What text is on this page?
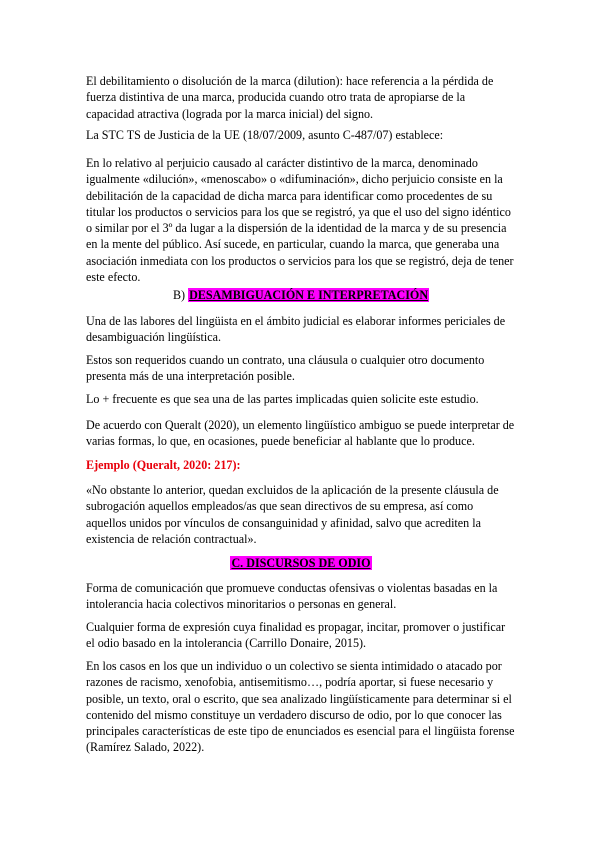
El debilitamiento o disolución de la marca (dilution): hace referencia a la pérdida de fuerza distintiva de una marca, producida cuando otro trata de apropiarse de la capacidad atractiva (lograda por la marca inicial) del signo.

La STC TS de Justicia de la UE (18/07/2009, asunto C-487/07) establece:

En lo relativo al perjuicio causado al carácter distintivo de la marca, denominado igualmente «dilución», «menoscabo» o «difuminación», dicho perjuicio consiste en la debilitación de la capacidad de dicha marca para identificar como procedentes de su titular los productos o servicios para los que se registró, ya que el uso del signo idéntico o similar por el 3º da lugar a la dispersión de la identidad de la marca y de su presencia en la mente del público. Así sucede, en particular, cuando la marca, que generaba una asociación inmediata con los productos o servicios para los que se registró, deja de tener este efecto.

B) DESAMBIGUACIÓN E INTERPRETACIÓN

Una de las labores del lingüista en el ámbito judicial es elaborar informes periciales de desambiguación lingüística.

Estos son requeridos cuando un contrato, una cláusula o cualquier otro documento presenta más de una interpretación posible.

Lo + frecuente es que sea una de las partes implicadas quien solicite este estudio.

De acuerdo con Queralt (2020), un elemento lingüístico ambiguo se puede interpretar de varias formas, lo que, en ocasiones, puede beneficiar al hablante que lo produce.

Ejemplo (Queralt, 2020: 217):

«No obstante lo anterior, quedan excluidos de la aplicación de la presente cláusula de subrogación aquellos empleados/as que sean directivos de su empresa, así como aquellos unidos por vínculos de consanguinidad y afinidad, salvo que acrediten la existencia de relación contractual».

C. DISCURSOS DE ODIO

Forma de comunicación que promueve conductas ofensivas o violentas basadas en la intolerancia hacia colectivos minoritarios o personas en general.

Cualquier forma de expresión cuya finalidad es propagar, incitar, promover o justificar el odio basado en la intolerancia (Carrillo Donaire, 2015).

En los casos en los que un individuo o un colectivo se sienta intimidado o atacado por razones de racismo, xenofobia, antisemitismo…, podría aportar, si fuese necesario y posible, un texto, oral o escrito, que sea analizado lingüísticamente para determinar si el contenido del mismo constituye un verdadero discurso de odio, por lo que conocer las principales características de este tipo de enunciados es esencial para el lingüista forense (Ramírez Salado, 2022).
